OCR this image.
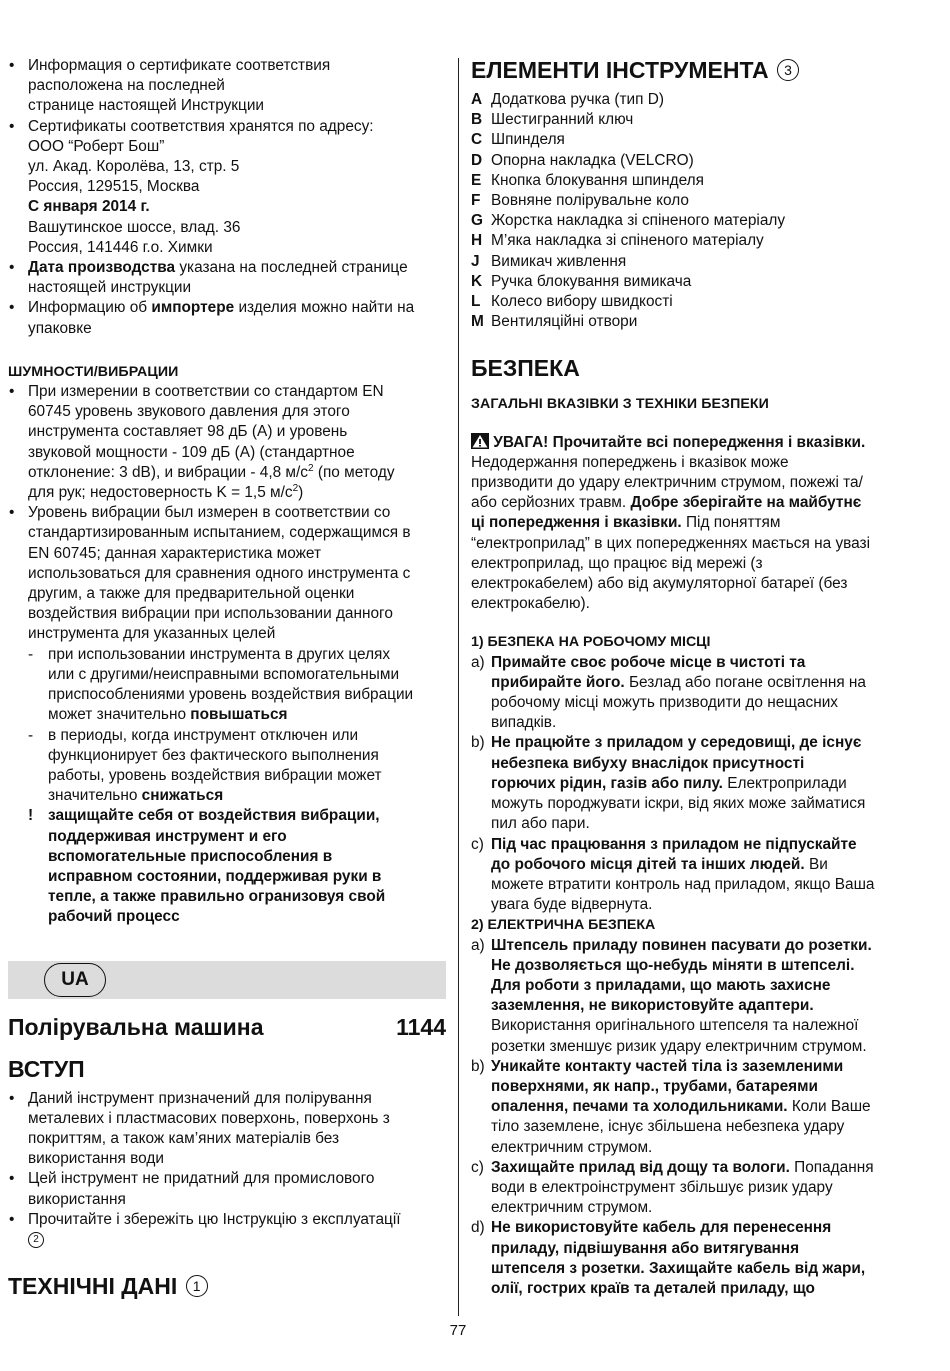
• Информация о сертификате соответствия
расположена на последней
странице настоящей Инструкции
• Сертификаты соответствия хранятся по адресу:
ООО “Роберт Бош”
ул. Акад. Королёва, 13, стр. 5
Россия, 129515, Москва
С января 2014 г.
Вашутинское шоссе, влад. 36
Россия, 141446 г.о. Химки
• Дата производства указана на последней странице
настоящей инструкции
• Информацию об импортере изделия можно найти на
упаковке
ШУМНОСТИ/ВИБРАЦИИ
• При измерении в соответствии со стандартом EN
60745 уровень звукового давления для этого
инструмента составляет 98 дБ (A) и уровень
звуковой мощности - 109 дБ (A) (стандартное
отклонение: 3 dB), и вибрации - 4,8 $м/с^2$ (по методу
для рук; недостоверность K = 1,5 $м/с^2$)
• Уровень вибрации был измерен в соответствии со
стандартизированным испытанием, содержащимся в
EN 60745; данная характеристика может
использоваться для сравнения одного инструмента с
другим, а также для предварительной оценки
воздействия вибрации при использовании данного
инструмента для указанных целей
- при использовании инструмента в других целях
или с другими/неисправными вспомогательными
приспособлениями уровень воздействия вибрации
может значительно повышаться
- в периоды, когда инструмент отключен или
функционирует без фактического выполнения
работы, уровень воздействия вибрации может
значительно снижаться
! защищайте себя от воздействия вибрации,
поддерживая инструмент и его
вспомогательные приспособления в
исправном состоянии, поддерживая руки в
тепле, а также правильно огранизовуя свой
рабочий процесс
UA
Полірувальна машина	1144
ВСТУП
• Даний інструмент призначений для полірування
металевих і пластмасових поверхонь, поверхонь з
покриттям, а також кам’яних матеріалів без
використання води
• Цей інструмент не придатний для промислового
використання
• Прочитайте і збережіть цю Інструкцію з експлуатації
2
ТЕХНІЧНІ ДАНІ 1
ЕЛЕМЕНТИ ІНСТРУМЕНТА 3
A Додаткова ручка (тип D)
B Шестигранний ключ
C Шпинделя
D Опорна накладка (VELCRO)
E Кнопка блокування шпинделя
F Вовняне полірувальне коло
G Жорстка накладка зі спіненого матеріалу
H М’яка накладка зі спіненого матеріалу
J Вимикач живлення
K Ручка блокування вимикача
L Колесо вибору швидкості
M Вентиляційні отвори
БЕЗПЕКА
ЗАГАЛЬНІ ВКАЗІВКИ З ТЕХНІКИ БЕЗПЕКИ
УВАГА! Прочитайте всі попередження і вказівки.
Недодержання попереджень і вказівок може
призводити до удару електричним струмом, пожежі та/
або серйозних травм. Добре зберігайте на майбутнє
ці попередження і вказівки. Під поняттям
“електроприлад” в цих попередженнях мається на увазі
електроприлад, що працює від мережі (з
електрокабелем) або від акумуляторної батареї (без
електрокабелю).
1) БЕЗПЕКА НА РОБОЧОМУ МІСЦІ
a) Примайте своє робоче місце в чистоті та
прибирайте його. Безлад або погане освітлення на
робочому місці можуть призводити до нещасних
випадків.
b) Не працюйте з приладом у середовищі, де існує
небезпека вибуху внаслідок присутності
горючих рідин, газів або пилу. Електроприлади
можуть породжувати іскри, від яких може займатися
пил або пари.
c) Під час працювання з приладом не підпускайте
до робочого місця дітей та інших людей. Ви
можете втратити контроль над приладом, якщо Ваша
увага буде відвернута.
2) ЕЛЕКТРИЧНА БЕЗПЕКА
a) Штепсель приладу повинен пасувати до розетки.
Не дозволяється що-небудь міняти в штепселі.
Для роботи з приладами, що мають захисне
заземлення, не використовуйте адаптери.
Використання оригінального штепселя та належної
розетки зменшує ризик удару електричним струмом.
b) Уникайте контакту частей тіла із заземленими
поверхнями, як напр., трубами, батареями
опалення, печами та холодильниками. Коли Ваше
тіло заземлене, існує збільшена небезпека удару
електричним струмом.
c) Захищайте прилад від дощу та вологи. Попадання
води в електроінструмент збільшує ризик удару
електричним струмом.
d) Не використовуйте кабель для перенесення
приладу, підвішування або витягування
штепселя з розетки. Захищайте кабель від жари,
олії, гострих країв та деталей приладу, що
77
